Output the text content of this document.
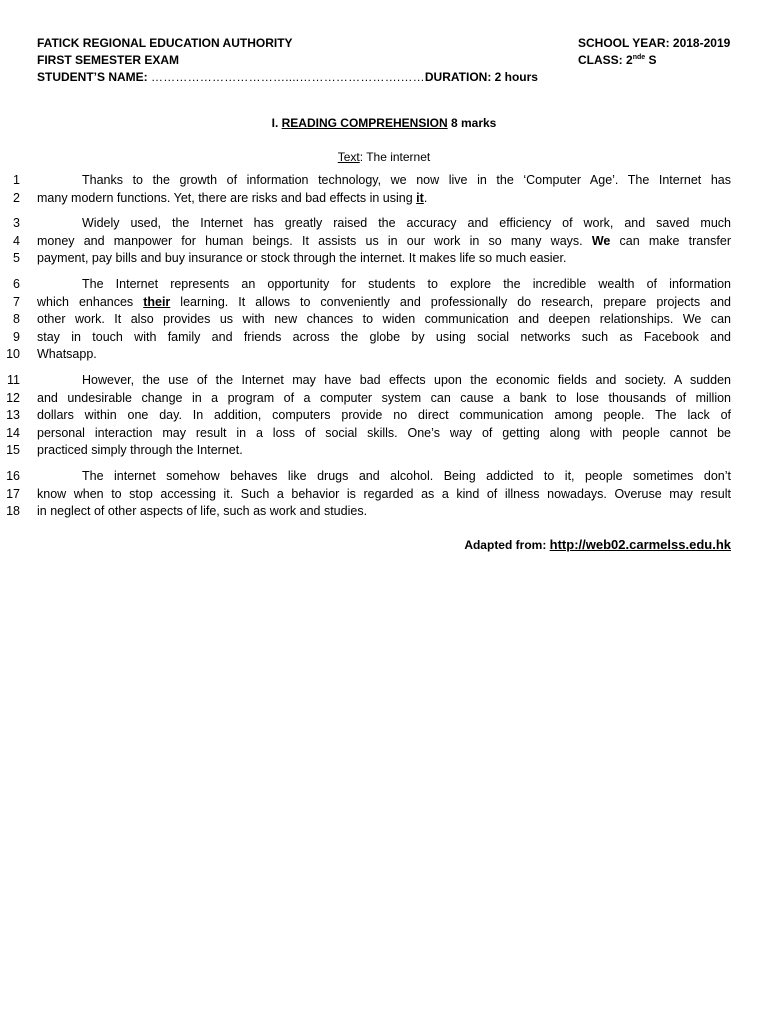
FATICK REGIONAL EDUCATION AUTHORITY	SCHOOL YEAR: 2018-2019
FIRST SEMESTER EXAM	CLASS: 2nde S
STUDENT’S NAME: ……………………………....…………………….……DURATION: 2 hours
I. READING COMPREHENSION 8 marks
Text: The internet
1	Thanks to the growth of information technology, we now live in the ‘Computer Age’. The Internet has
2 many modern functions. Yet, there are risks and bad effects in using it.
3	Widely used, the Internet has greatly raised the accuracy and efficiency of work, and saved much
4 money and manpower for human beings. It assists us in our work in so many ways. We can make transfer
5 payment, pay bills and buy insurance or stock through the internet. It makes life so much easier.
6	The Internet represents an opportunity for students to explore the incredible wealth of information
7 which enhances their learning. It allows to conveniently and professionally do research, prepare projects and
8 other work. It also provides us with new chances to widen communication and deepen relationships. We can
9 stay in touch with family and friends across the globe by using social networks such as Facebook and
10 Whatsapp.
11	However, the use of the Internet may have bad effects upon the economic fields and society. A sudden
12 and undesirable change in a program of a computer system can cause a bank to lose thousands of million
13 dollars within one day. In addition, computers provide no direct communication among people. The lack of
14 personal interaction may result in a loss of social skills. One’s way of getting along with people cannot be
15 practiced simply through the Internet.
16	The internet somehow behaves like drugs and alcohol. Being addicted to it, people sometimes don’t
17 know when to stop accessing it. Such a behavior is regarded as a kind of illness nowadays. Overuse may result
18 in neglect of other aspects of life, such as work and studies.
Adapted from: http://web02.carmelss.edu.hk
